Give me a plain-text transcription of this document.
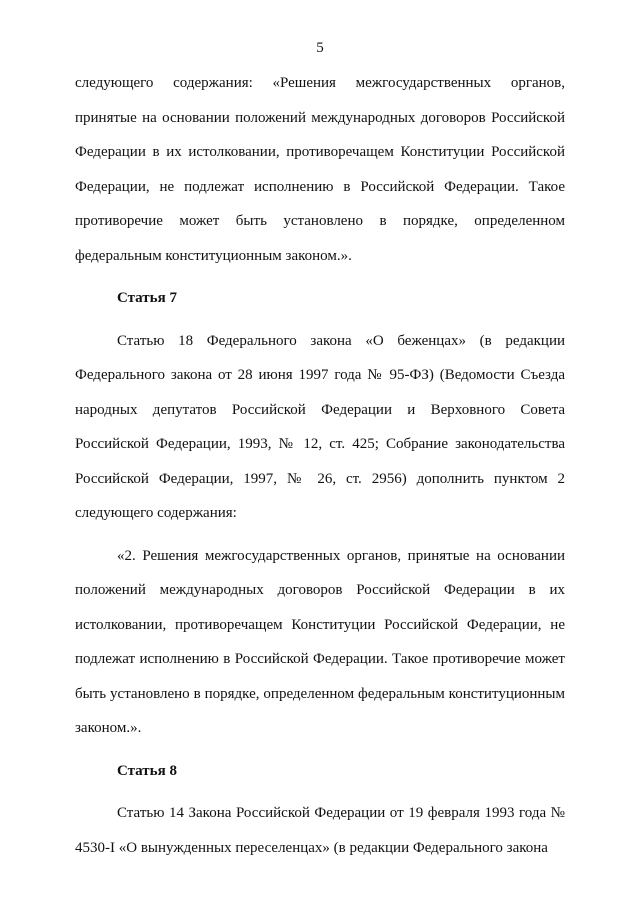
5

следующего содержания: «Решения межгосударственных органов, принятые на основании положений международных договоров Российской Федерации в их истолковании, противоречащем Конституции Российской Федерации, не подлежат исполнению в Российской Федерации. Такое противоречие может быть установлено в порядке, определенном федеральным конституционным законом.».

Статья 7

Статью 18 Федерального закона «О беженцах» (в редакции Федерального закона от 28 июня 1997 года № 95-ФЗ) (Ведомости Съезда народных депутатов Российской Федерации и Верховного Совета Российской Федерации, 1993, № 12, ст. 425; Собрание законодательства Российской Федерации, 1997, № 26, ст. 2956) дополнить пунктом 2 следующего содержания:

«2. Решения межгосударственных органов, принятые на основании положений международных договоров Российской Федерации в их истолковании, противоречащем Конституции Российской Федерации, не подлежат исполнению в Российской Федерации. Такое противоречие может быть установлено в порядке, определенном федеральным конституционным законом.».

Статья 8

Статью 14 Закона Российской Федерации от 19 февраля 1993 года № 4530-I «О вынужденных переселенцах» (в редакции Федерального закона
